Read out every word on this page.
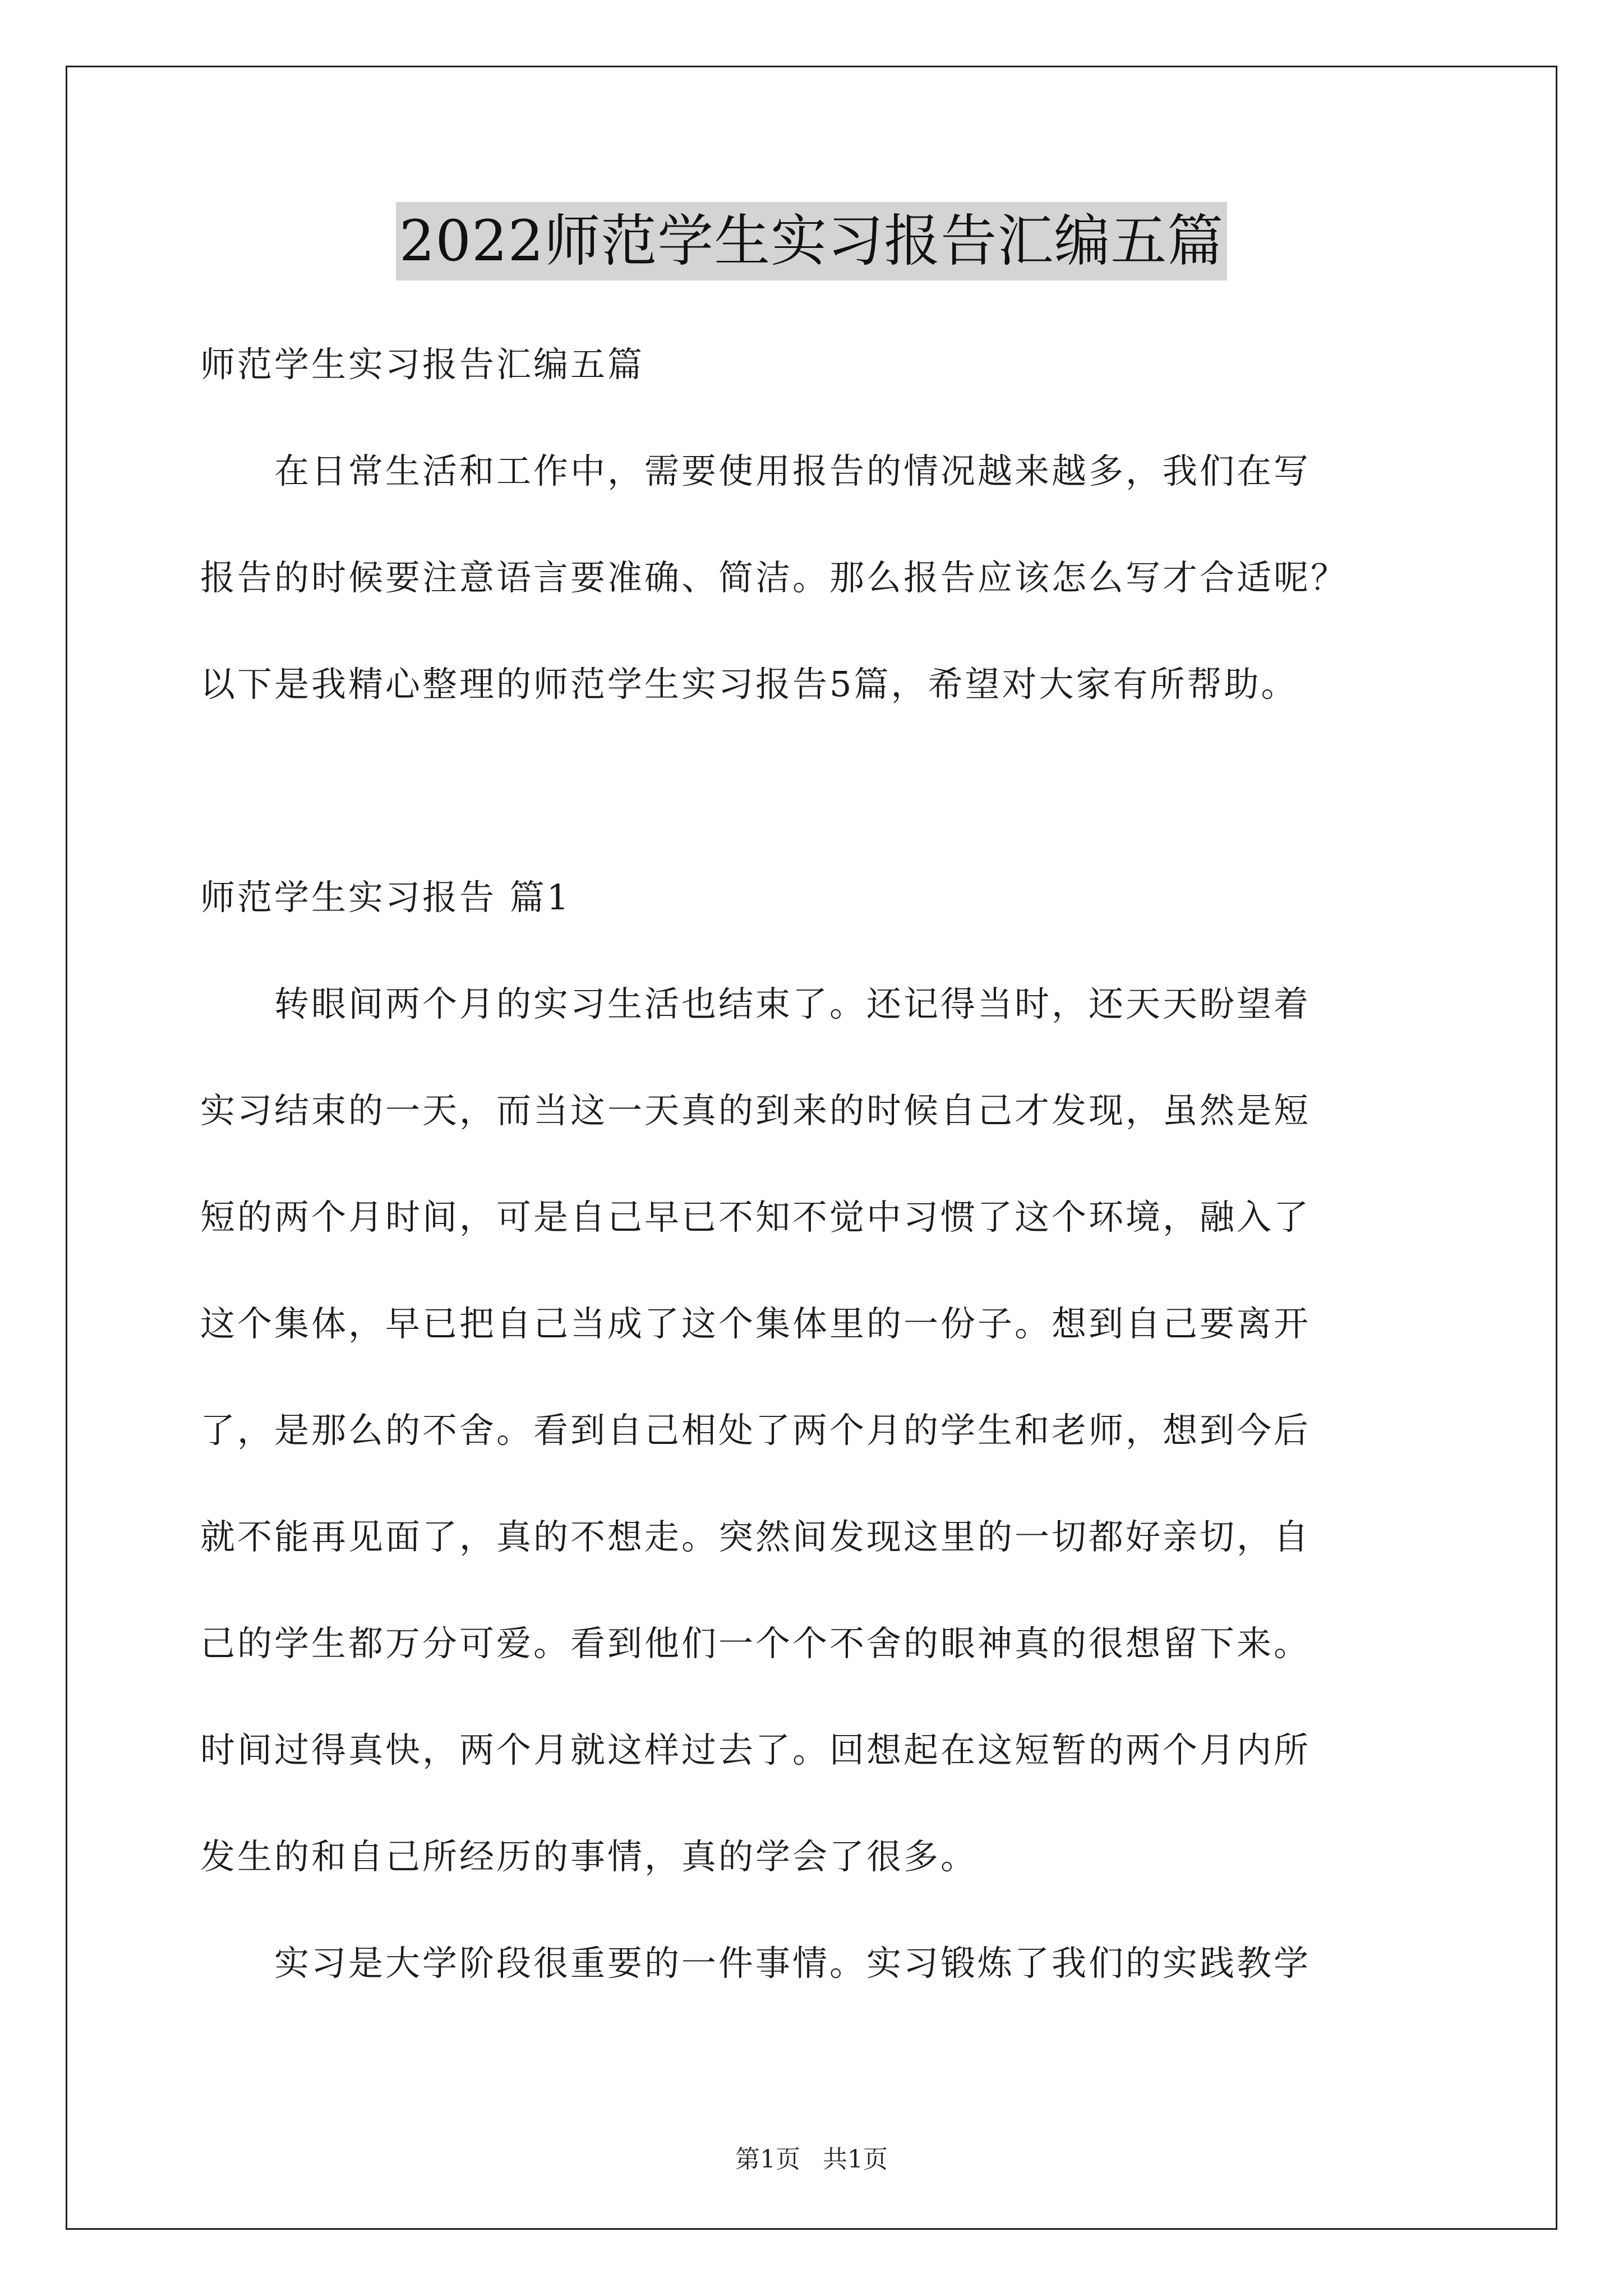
2022师范学生实习报告汇编五篇
师范学生实习报告汇编五篇
　　在日常生活和工作中，需要使用报告的情况越来越多，我们在写
报告的时候要注意语言要准确、简洁。那么报告应该怎么写才合适呢？
以下是我精心整理的师范学生实习报告5篇，希望对大家有所帮助。
师范学生实习报告 篇1
　　转眼间两个月的实习生活也结束了。还记得当时，还天天盼望着
实习结束的一天，而当这一天真的到来的时候自己才发现，虽然是短
短的两个月时间，可是自己早已不知不觉中习惯了这个环境，融入了
这个集体，早已把自己当成了这个集体里的一份子。想到自己要离开
了，是那么的不舍。看到自己相处了两个月的学生和老师，想到今后
就不能再见面了，真的不想走。突然间发现这里的一切都好亲切，自
己的学生都万分可爱。看到他们一个个不舍的眼神真的很想留下来。
时间过得真快，两个月就这样过去了。回想起在这短暂的两个月内所
发生的和自己所经历的事情，真的学会了很多。
　　实习是大学阶段很重要的一件事情。实习锻炼了我们的实践教学
第1页 共1页
